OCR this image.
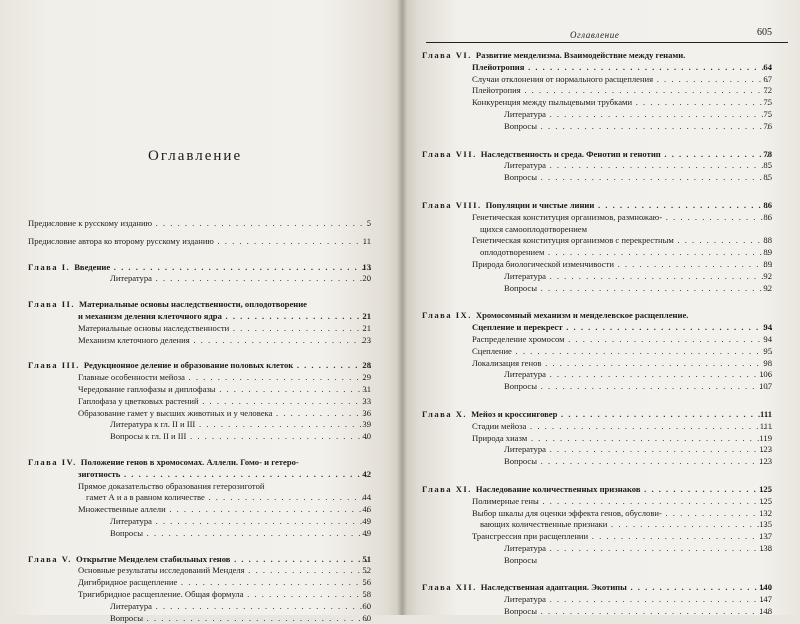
Оглавление
Предисловие к русскому изданию . . .	5
Предисловие автора ко второму русскому изданию . . .	11
Глава I. Введение . . .	13
Литература . . .	20
Глава II. Материальные основы наследственности, оплодотворение
и механизм деления клеточного ядра . . .	21
Материальные основы наследственности . . .	21
Механизм клеточного деления . . .	23
Глава III. Редукционное деление и образование половых клеток . . .	28
Главные особенности мейоза . . .	29
Чередование гаплофазы и диплофазы . . .	31
Гаплофаза у цветковых растений . . .	33
Образование гамет у высших животных и у человека . . .	36
Литература к гл. II и III . . .	39
Вопросы к гл. II и III . . .	40
Глава IV. Положение генов в хромосомах. Аллели. Гомо- и гетеро-
зиготность . . .	42
Прямое доказательство образования гетерозиготой
гамет А и а в равном количестве . . .	44
Множественные аллели . . .	46
Литература . . .	49
Вопросы . . .	49
Глава V. Открытие Менделем стабильных генов . . .	51
Основные результаты исследований Менделя . . .	52
Дигибридное расщепление . . .	56
Тригибридное расщепление. Общая формула . . .	58
Литература . . .	60
Вопросы . . .	60
Оглавление	605
Глава VI. Развитие менделизма. Взаимодействие между генами.
Плейотропия . . .	64
Случаи отклонения от нормального расщепления . . .	67
Плейотропия . . .	72
Конкуренция между пыльцевыми трубками . . .	75
Литература . . .	75
Вопросы . . .	76
Глава VII. Наследственность и среда. Фенотип и генотип . . .	78
Литература . . .	85
Вопросы . . .	85
Глава VIII. Популяции и чистые линии . . .	86
Генетическая конституция организмов, размножаю- . . .	86
щихся самооплодотворением
Генетическая конституция организмов с перекрестным . . .	88
оплодотворением . . .	89
Природа биологической изменчивости . . .	89
Литература . . .	92
Вопросы . . .	92
Глава IX. Хромосомный механизм и менделевское расщепление.
Сцепление и перекрест . . .	94
Распределение хромосом . . .	94
Сцепление . . .	95
Локализация генов . . .	98
Литература . . .	106
Вопросы . . .	107
Глава X. Мейоз и кроссинговер . . .	111
Стадии мейоза . . .	111
Природа хиазм . . .	119
Литература . . .	123
Вопросы . . .	123
Глава XI. Наследование количественных признаков . . .	125
Полимерные гены . . .	125
Выбор шкалы для оценки эффекта генов, обуслови- . . .	132
вающих количественные признаки . . .	135
Трансгрессия при расщеплении . . .	137
Литература . . .	138
Вопросы
Глава XII. Наследственная адаптация. Экотипы . . .	140
Литература . . .	147
Вопросы . . .	148
